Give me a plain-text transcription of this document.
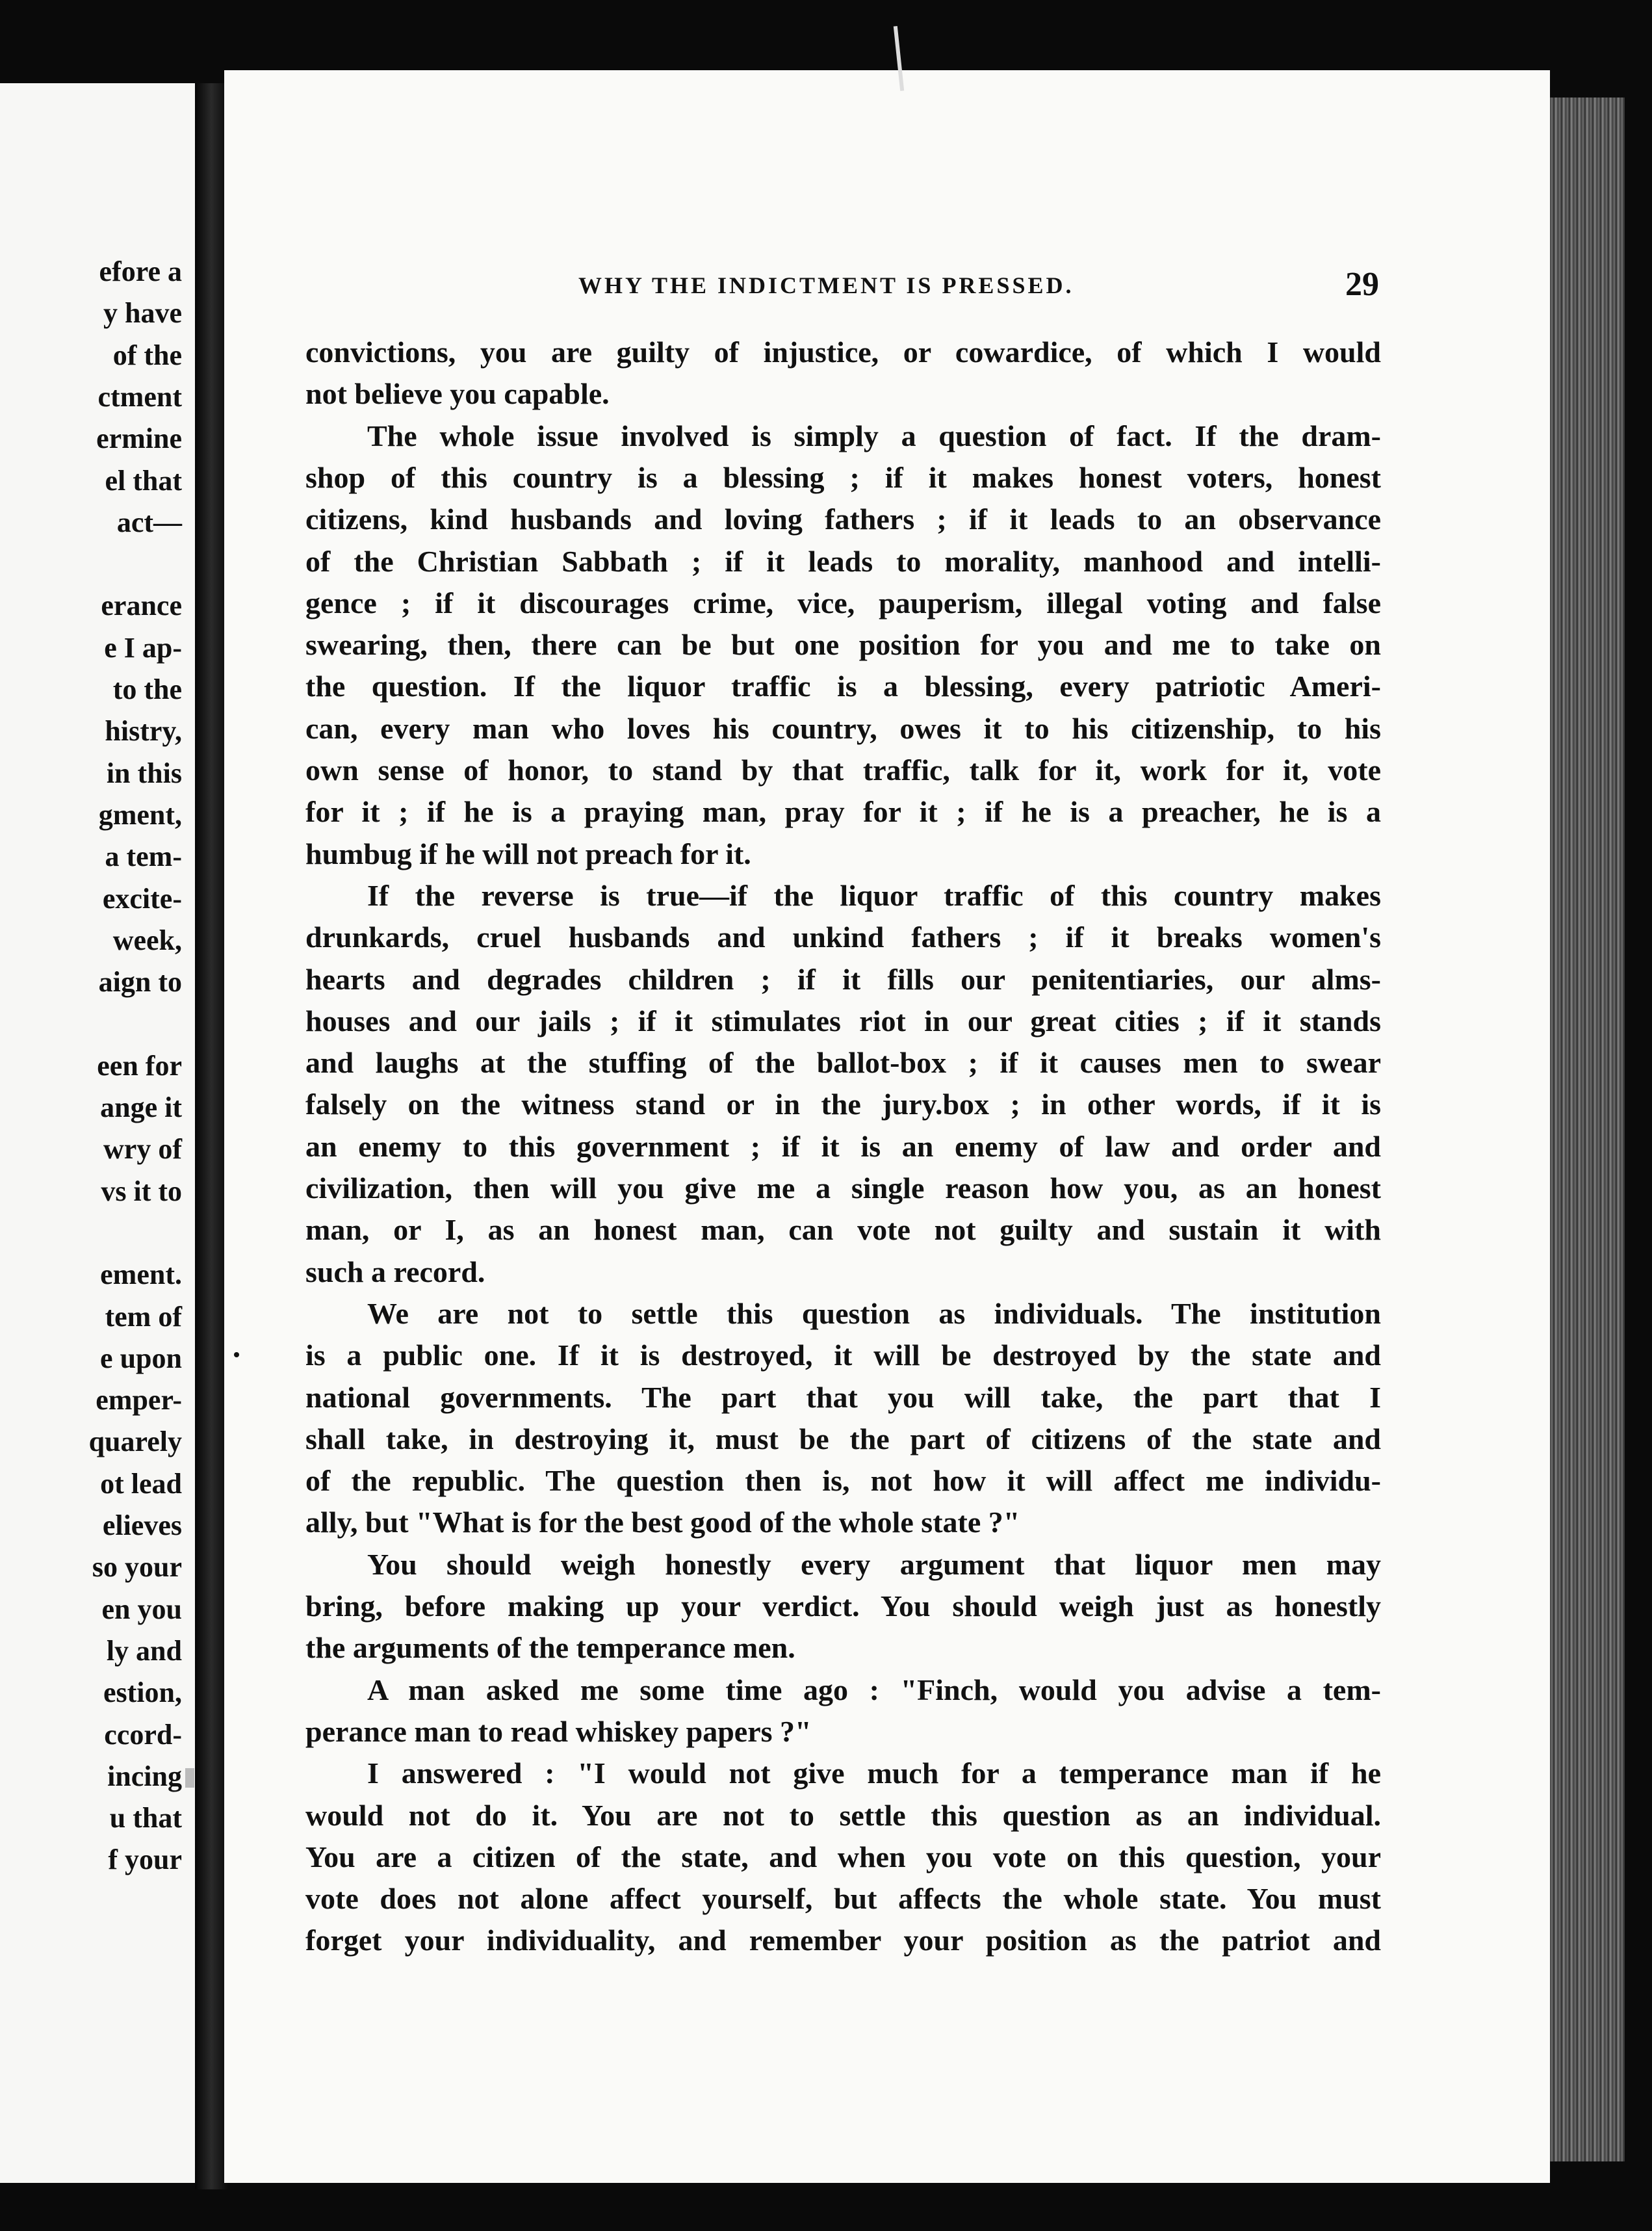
efore a
y have
of the
ctment
ermine
el that
act—
erance
e I ap-
to the
histry,
in this
gment,
a tem-
excite-
week,
aign to
een for
ange it
wry of
vs it to
ement.
tem of
e upon
emper-
quarely
ot lead
elieves
so your
en you
ly and
estion,
ccord-
incing
u that
f your
WHY THE INDICTMENT IS PRESSED.	29
convictions, you are guilty of injustice, or cowardice, of which I would
not believe you capable.
The whole issue involved is simply a question of fact. If the dram-
shop of this country is a blessing ; if it makes honest voters, honest
citizens, kind husbands and loving fathers ; if it leads to an observance
of the Christian Sabbath ; if it leads to morality, manhood and intelli-
gence ; if it discourages crime, vice, pauperism, illegal voting and false
swearing, then, there can be but one position for you and me to take on
the question. If the liquor traffic is a blessing, every patriotic Ameri-
can, every man who loves his country, owes it to his citizenship, to his
own sense of honor, to stand by that traffic, talk for it, work for it, vote
for it ; if he is a praying man, pray for it ; if he is a preacher, he is a
humbug if he will not preach for it.
If the reverse is true—if the liquor traffic of this country makes
drunkards, cruel husbands and unkind fathers ; if it breaks women's
hearts and degrades children ; if it fills our penitentiaries, our alms-
houses and our jails ; if it stimulates riot in our great cities ; if it stands
and laughs at the stuffing of the ballot-box ; if it causes men to swear
falsely on the witness stand or in the jury.box ; in other words, if it is
an enemy to this government ; if it is an enemy of law and order and
civilization, then will you give me a single reason how you, as an honest
man, or I, as an honest man, can vote not guilty and sustain it with
such a record.
We are not to settle this question as individuals. The institution
is a public one. If it is destroyed, it will be destroyed by the state and
national governments. The part that you will take, the part that I
shall take, in destroying it, must be the part of citizens of the state and
of the republic. The question then is, not how it will affect me individu-
ally, but "What is for the best good of the whole state ?"
You should weigh honestly every argument that liquor men may
bring, before making up your verdict. You should weigh just as honestly
the arguments of the temperance men.
A man asked me some time ago : "Finch, would you advise a tem-
perance man to read whiskey papers ?"
I answered : "I would not give much for a temperance man if he
would not do it. You are not to settle this question as an individual.
You are a citizen of the state, and when you vote on this question, your
vote does not alone affect yourself, but affects the whole state. You must
forget your individuality, and remember your position as the patriot and
